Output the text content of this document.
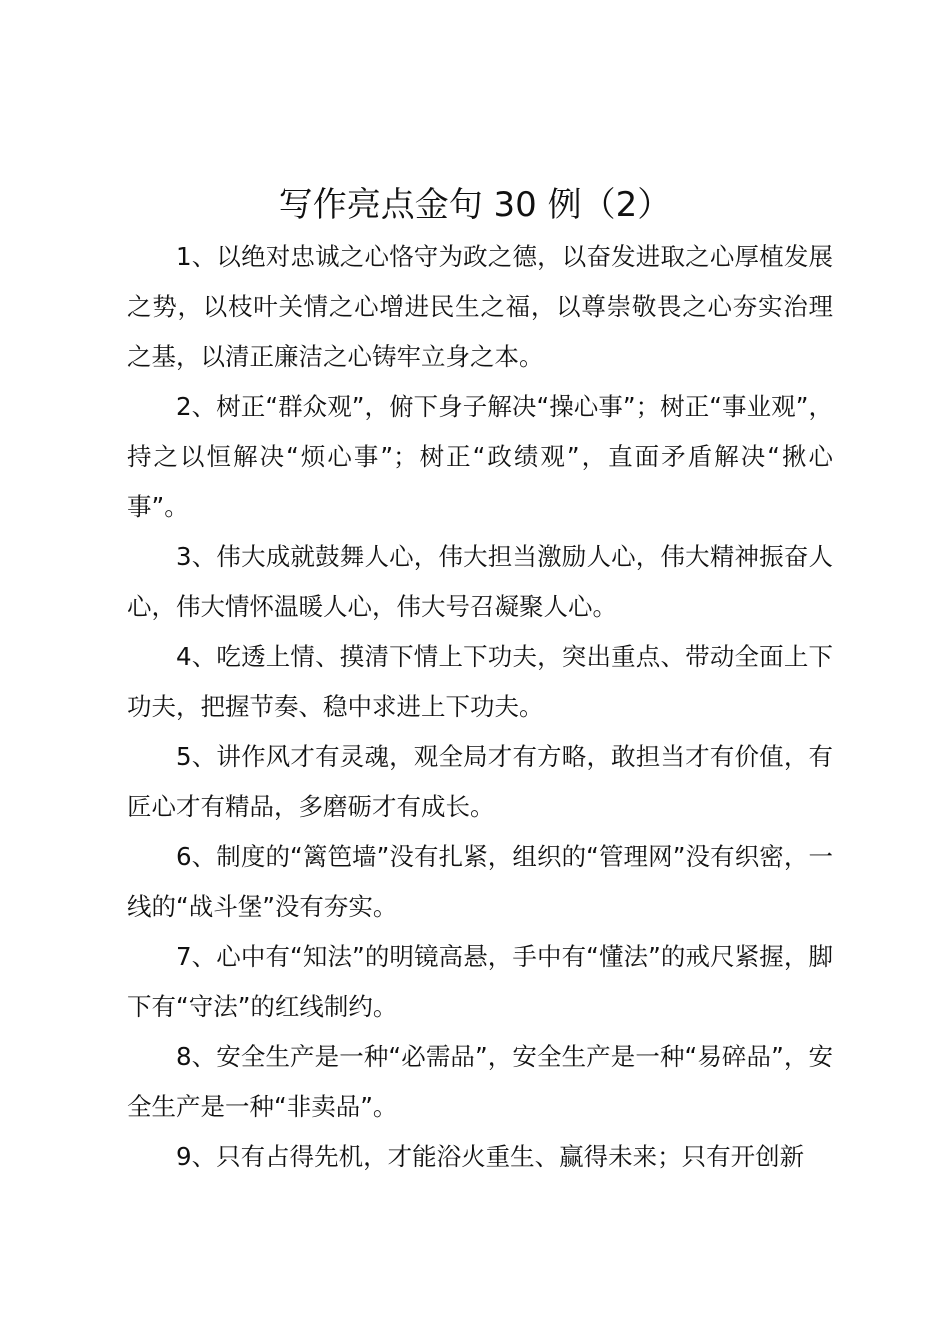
写作亮点金句 30 例（2）

1、以绝对忠诚之心恪守为政之德，以奋发进取之心厚植发展之势，以枝叶关情之心增进民生之福，以尊崇敬畏之心夯实治理之基，以清正廉洁之心铸牢立身之本。

2、树正“群众观”，俯下身子解决“操心事”；树正“事业观”，持之以恒解决“烦心事”；树正“政绩观”，直面矛盾解决“揪心事”。

3、伟大成就鼓舞人心，伟大担当激励人心，伟大精神振奋人心，伟大情怀温暖人心，伟大号召凝聚人心。

4、吃透上情、摸清下情上下功夫，突出重点、带动全面上下功夫，把握节奏、稳中求进上下功夫。

5、讲作风才有灵魂，观全局才有方略，敢担当才有价值，有匠心才有精品，多磨砺才有成长。

6、制度的“篱笆墙”没有扎紧，组织的“管理网”没有织密，一线的“战斗堡”没有夯实。

7、心中有“知法”的明镜高悬，手中有“懂法”的戒尺紧握，脚下有“守法”的红线制约。

8、安全生产是一种“必需品”，安全生产是一种“易碎品”，安全生产是一种“非卖品”。

9、只有占得先机，才能浴火重生、赢得未来；只有开创新
